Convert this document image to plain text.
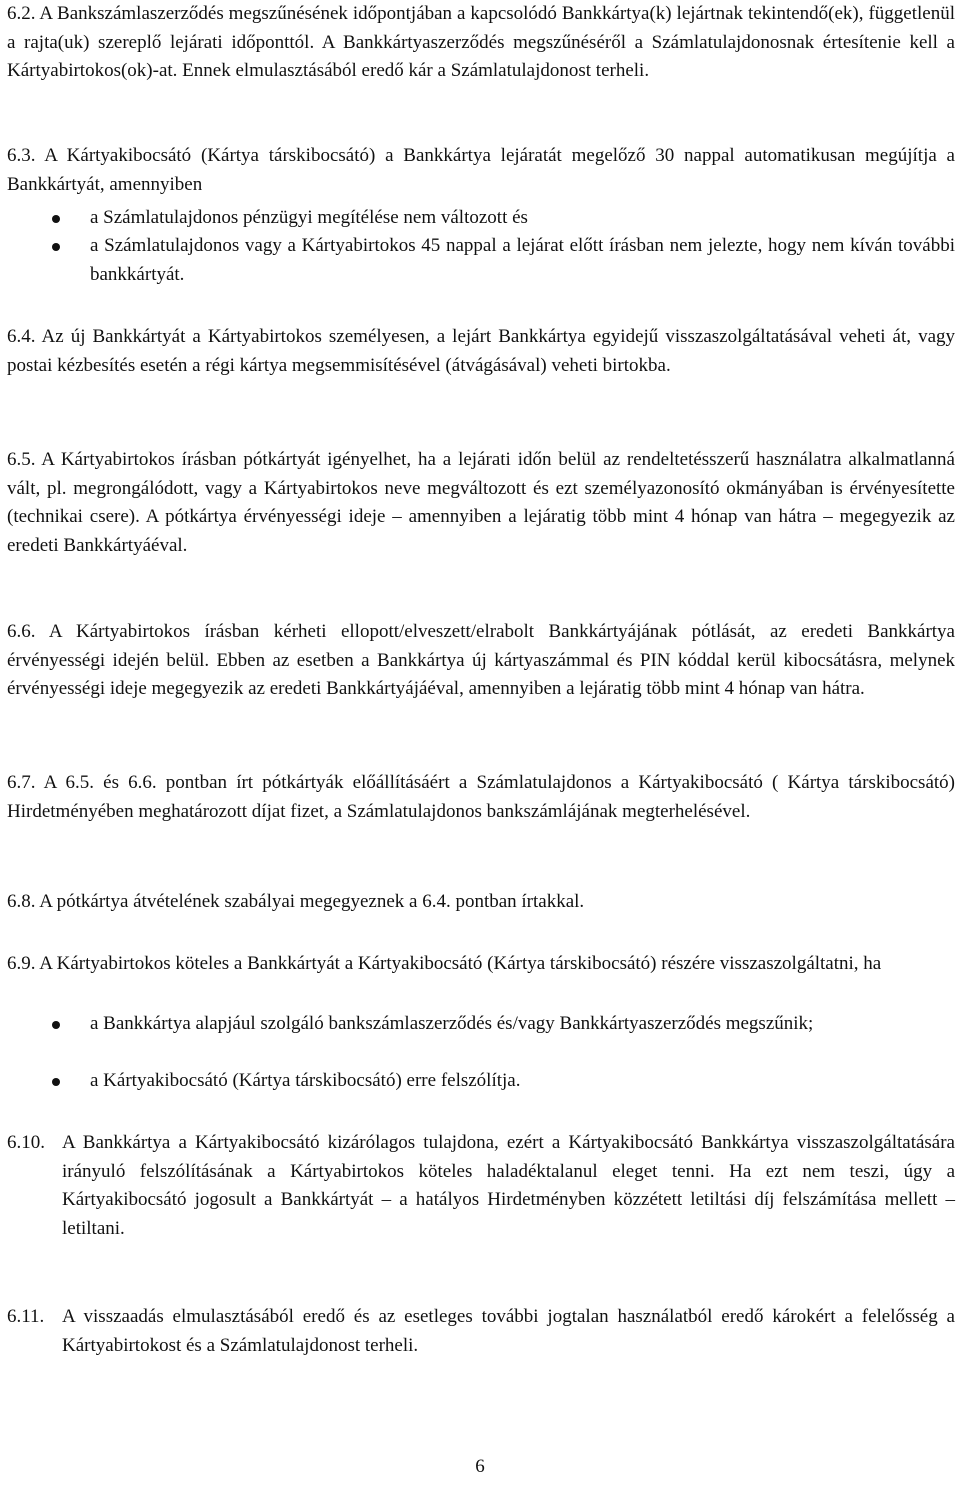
6.2. A Bankszámlaszerződés megszűnésének időpontjában a kapcsolódó Bankkártya(k) lejártnak tekintendő(ek), függetlenül a rajta(uk) szereplő lejárati időponttól. A Bankkártyaszerződés megszűnéséről a Számlatulajdonosnak értesítenie kell a Kártyabirtokos(ok)-at. Ennek elmulasztásából eredő kár a Számlatulajdonost terheli.
6.3. A Kártyakibocsátó (Kártya társkibocsátó) a Bankkártya lejáratát megelőző 30 nappal automatikusan megújítja a Bankkártyát, amennyiben
a Számlatulajdonos pénzügyi megítélése nem változott és
a Számlatulajdonos vagy a Kártyabirtokos 45 nappal a lejárat előtt írásban nem jelezte, hogy nem kíván további bankkártyát.
6.4. Az új Bankkártyát a Kártyabirtokos személyesen, a lejárt Bankkártya egyidejű visszaszolgáltatásával veheti át, vagy postai kézbesítés esetén a régi kártya megsemmisítésével (átvágásával) veheti birtokba.
6.5. A Kártyabirtokos írásban pótkártyát igényelhet, ha a lejárati időn belül az rendeltetésszerű használatra alkalmatlanná vált, pl. megrongálódott, vagy a Kártyabirtokos neve megváltozott és ezt személyazonosító okmányában is érvényesítette (technikai csere). A pótkártya érvényességi ideje – amennyiben a lejáratig több mint 4 hónap van hátra – megegyezik az eredeti Bankkártyáéval.
6.6. A Kártyabirtokos írásban kérheti ellopott/elveszett/elrabolt Bankkártyájának pótlását, az eredeti Bankkártya érvényességi idején belül. Ebben az esetben a Bankkártya új kártyaszámmal és PIN kóddal kerül kibocsátásra, melynek érvényességi ideje megegyezik az eredeti Bankkártyájáéval, amennyiben a lejáratig több mint 4 hónap van hátra.
6.7. A 6.5. és 6.6. pontban írt pótkártyák előállításáért a Számlatulajdonos a Kártyakibocsátó ( Kártya társkibocsátó) Hirdetményében meghatározott díjat fizet, a Számlatulajdonos bankszámlájának megterhelésével.
6.8. A pótkártya átvételének szabályai megegyeznek a 6.4. pontban írtakkal.
6.9. A Kártyabirtokos köteles a Bankkártyát a Kártyakibocsátó (Kártya társkibocsátó) részére visszaszolgáltatni, ha
a Bankkártya alapjául szolgáló bankszámlaszerződés és/vagy Bankkártyaszerződés megszűnik;
a Kártyakibocsátó (Kártya társkibocsátó) erre felszólítja.
6.10. A Bankkártya a Kártyakibocsátó kizárólagos tulajdona, ezért a Kártyakibocsátó Bankkártya visszaszolgáltatására irányuló felszólításának a Kártyabirtokos köteles haladéktalanul eleget tenni. Ha ezt nem teszi, úgy a Kártyakibocsátó jogosult a Bankkártyát – a hatályos Hirdetményben közzétett letiltási díj felszámítása mellett – letiltani.
6.11. A visszaadás elmulasztásából eredő és az esetleges további jogtalan használatból eredő károkért a felelősség a Kártyabirtokost és a Számlatulajdonost terheli.
6
